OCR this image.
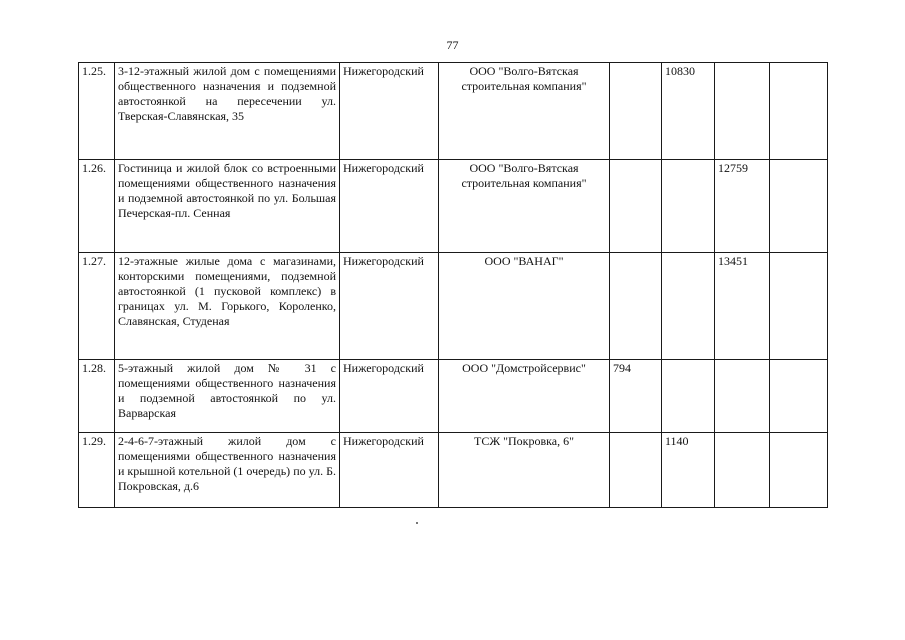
77
1.25.	3-12-этажный жилой дом с помещениями общественного назначения и подземной автостоянкой на пересечении ул. Тверская-Славянская, 35	Нижегородский	ООО "Волго-Вятская строительная компания"		10830		
1.26.	Гостиница и жилой блок со встроенными помещениями общественного назначения и подземной автостоянкой по ул. Большая Печерская-пл. Сенная	Нижегородский	ООО "Волго-Вятская строительная компания"			12759	
1.27.	12-этажные жилые дома с магазинами, конторскими помещениями, подземной автостоянкой (1 пусковой комплекс) в границах ул. М. Горького, Короленко, Славянская, Студеная	Нижегородский	ООО "ВАНАГ"			13451	
1.28.	5-этажный жилой дом № 31 с помещениями общественного назначения и подземной автостоянкой по ул. Варварская	Нижегородский	ООО "Домстройсервис"	794			
1.29.	2-4-6-7-этажный жилой дом с помещениями общественного назначения и крышной котельной (1 очередь) по ул. Б. Покровская, д.6	Нижегородский	ТСЖ "Покровка, 6"		1140		
